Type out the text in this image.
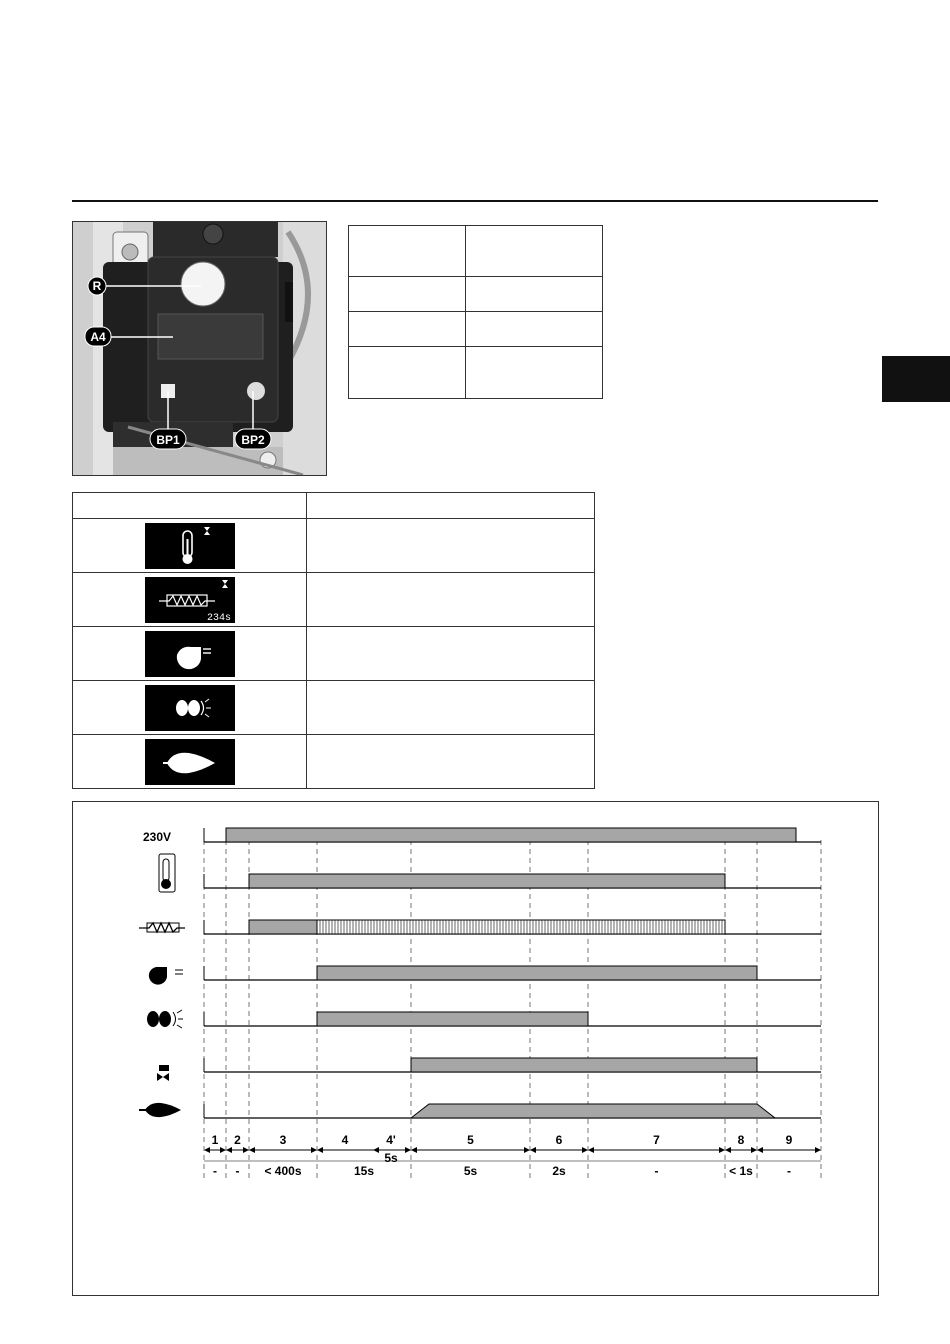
R
A4
BP1	BP2

234s	

230V
1
-
2
-
3
< 400s
4
15s
5
5s
6
2s
7
-
8
< 1s
9
-
4'
5s
